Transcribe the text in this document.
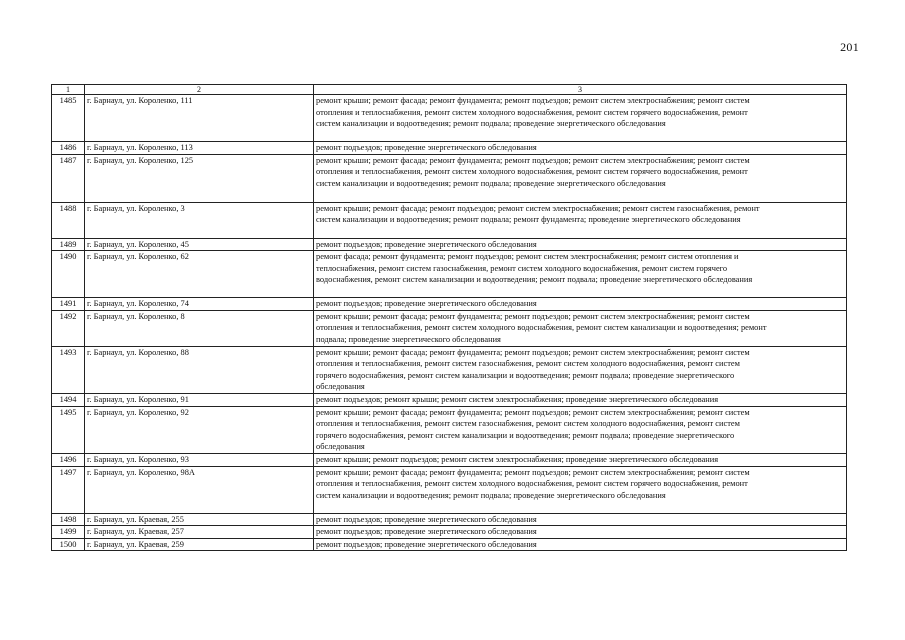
201
1	2	3
1485	г. Барнаул, ул. Короленко, 111	ремонт крыши; ремонт фасада; ремонт фундамента; ремонт подъездов; ремонт систем электроснабжения; ремонт систем
отопления и теплоснабжения, ремонт систем холодного водоснабжения, ремонт систем горячего водоснабжения, ремонт
систем канализации и водоотведения; ремонт подвала; проведение энергетического обследования
1486	г. Барнаул, ул. Короленко, 113	ремонт подъездов; проведение энергетического обследования
1487	г. Барнаул, ул. Короленко, 125	ремонт крыши; ремонт фасада; ремонт фундамента; ремонт подъездов; ремонт систем электроснабжения; ремонт систем
отопления и теплоснабжения, ремонт систем холодного водоснабжения, ремонт систем горячего водоснабжения, ремонт
систем канализации и водоотведения; ремонт подвала; проведение энергетического обследования
1488	г. Барнаул, ул. Короленко, 3	ремонт крыши; ремонт фасада; ремонт подъездов; ремонт систем электроснабжения; ремонт систем газоснабжения, ремонт
систем канализации и водоотведения; ремонт подвала; ремонт фундамента; проведение энергетического обследования
1489	г. Барнаул, ул. Короленко, 45	ремонт подъездов; проведение энергетического обследования
1490	г. Барнаул, ул. Короленко, 62	ремонт фасада; ремонт фундамента; ремонт подъездов; ремонт систем электроснабжения; ремонт систем отопления и
теплоснабжения, ремонт систем газоснабжения, ремонт систем холодного водоснабжения, ремонт систем горячего
водоснабжения, ремонт систем канализации и водоотведения; ремонт подвала; проведение энергетического обследования
1491	г. Барнаул, ул. Короленко, 74	ремонт подъездов; проведение энергетического обследования
1492	г. Барнаул, ул. Короленко, 8	ремонт крыши; ремонт фасада; ремонт фундамента; ремонт подъездов; ремонт систем электроснабжения; ремонт систем
отопления и теплоснабжения, ремонт систем холодного водоснабжения, ремонт систем канализации и водоотведения; ремонт
подвала; проведение энергетического обследования
1493	г. Барнаул, ул. Короленко, 88	ремонт крыши; ремонт фасада; ремонт фундамента; ремонт подъездов; ремонт систем электроснабжения; ремонт систем
отопления и теплоснабжения, ремонт систем газоснабжения, ремонт систем холодного водоснабжения, ремонт систем
горячего водоснабжения, ремонт систем канализации и водоотведения; ремонт подвала; проведение энергетического
обследования
1494	г. Барнаул, ул. Короленко, 91	ремонт подъездов; ремонт крыши; ремонт систем электроснабжения; проведение энергетического обследования
1495	г. Барнаул, ул. Короленко, 92	ремонт крыши; ремонт фасада; ремонт фундамента; ремонт подъездов; ремонт систем электроснабжения; ремонт систем
отопления и теплоснабжения, ремонт систем газоснабжения, ремонт систем холодного водоснабжения, ремонт систем
горячего водоснабжения, ремонт систем канализации и водоотведения; ремонт подвала; проведение энергетического
обследования
1496	г. Барнаул, ул. Короленко, 93	ремонт крыши; ремонт подъездов; ремонт систем электроснабжения; проведение энергетического обследования
1497	г. Барнаул, ул. Короленко, 98А	ремонт крыши; ремонт фасада; ремонт фундамента; ремонт подъездов; ремонт систем электроснабжения; ремонт систем
отопления и теплоснабжения, ремонт систем холодного водоснабжения, ремонт систем горячего водоснабжения, ремонт
систем канализации и водоотведения; ремонт подвала; проведение энергетического обследования
1498	г. Барнаул, ул. Краевая, 255	ремонт подъездов; проведение энергетического обследования
1499	г. Барнаул, ул. Краевая, 257	ремонт подъездов; проведение энергетического обследования
1500	г. Барнаул, ул. Краевая, 259	ремонт подъездов; проведение энергетического обследования
